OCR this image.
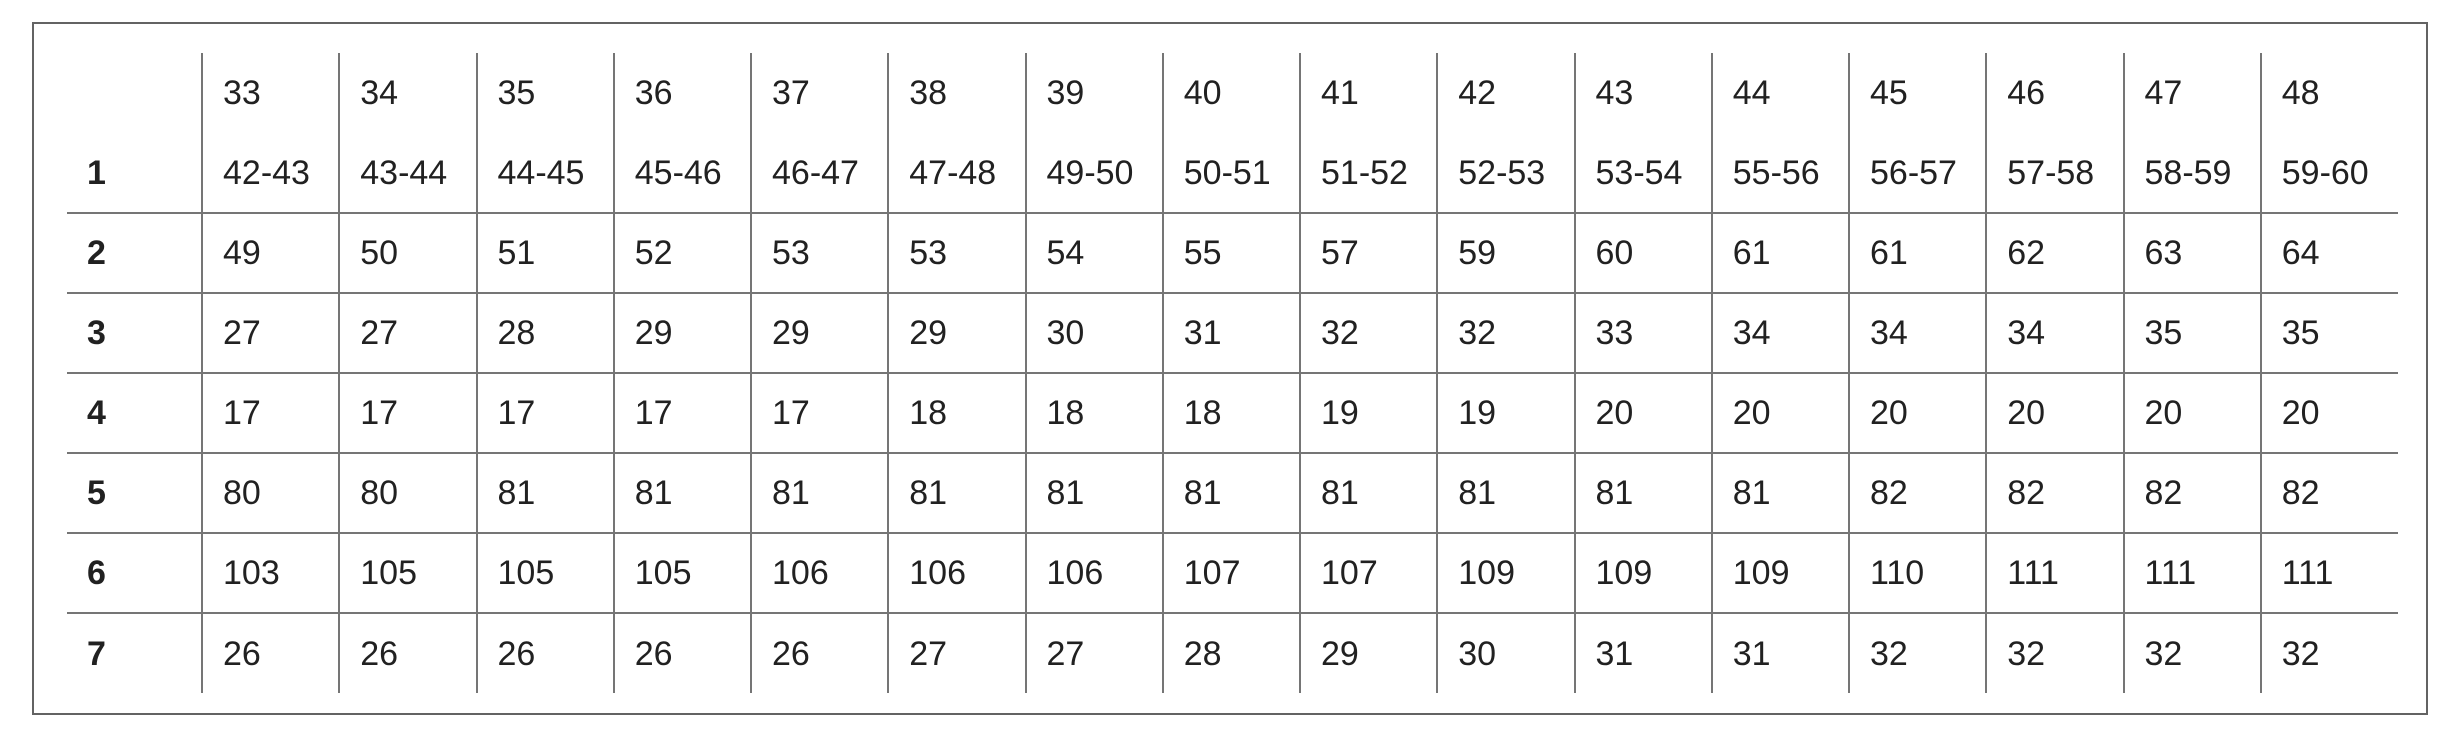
	33	34	35	36	37	38	39	40	41	42	43	44	45	46	47	48
1	42-43	43-44	44-45	45-46	46-47	47-48	49-50	50-51	51-52	52-53	53-54	55-56	56-57	57-58	58-59	59-60
2	49	50	51	52	53	53	54	55	57	59	60	61	61	62	63	64
3	27	27	28	29	29	29	30	31	32	32	33	34	34	34	35	35
4	17	17	17	17	17	18	18	18	19	19	20	20	20	20	20	20
5	80	80	81	81	81	81	81	81	81	81	81	81	82	82	82	82
6	103	105	105	105	106	106	106	107	107	109	109	109	110	111	111	111
7	26	26	26	26	26	27	27	28	29	30	31	31	32	32	32	32
